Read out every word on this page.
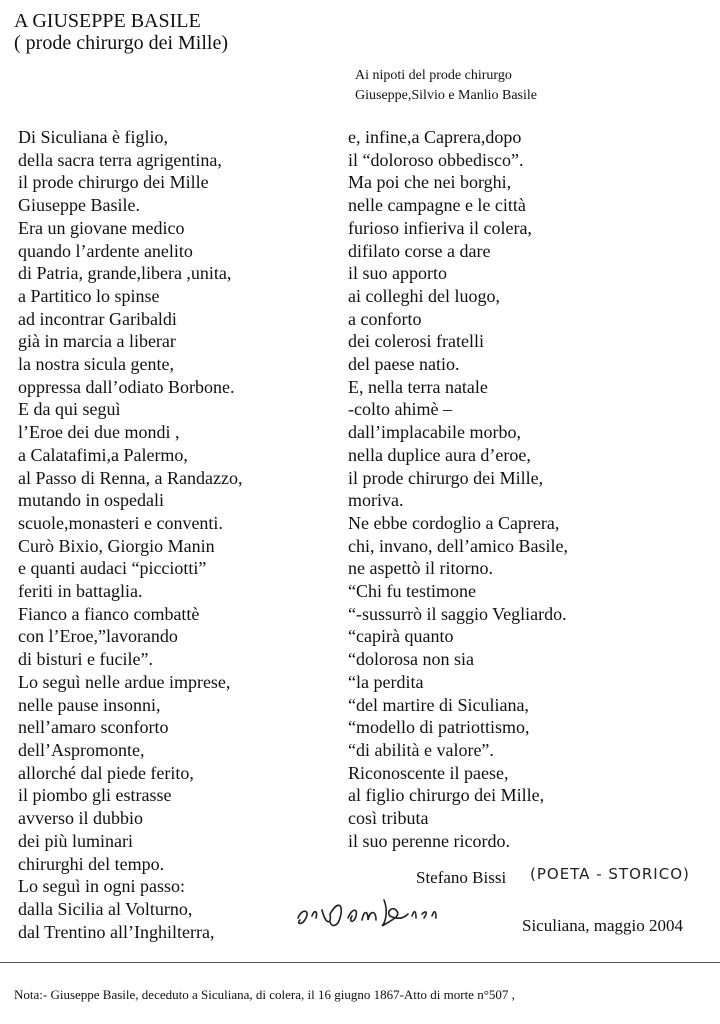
A GIUSEPPE BASILE
( prode chirurgo dei Mille)
Ai nipoti del prode chirurgo
Giuseppe,Silvio e Manlio Basile
Di Siculiana è figlio,
della sacra terra agrigentina,
il prode chirurgo dei Mille
Giuseppe Basile.
Era un giovane medico
quando l’ardente anelito
di Patria, grande,libera ,unita,
a Partitico lo spinse
ad incontrar Garibaldi
già in marcia a liberar
la nostra sicula gente,
oppressa dall’odiato Borbone.
E da qui seguì
l’Eroe dei due mondi ,
a Calatafimi,a Palermo,
al Passo di Renna, a Randazzo,
mutando in ospedali
scuole,monasteri e conventi.
Curò Bixio, Giorgio Manin
e quanti audaci “picciotti”
feriti in battaglia.
Fianco a fianco combattè
con l’Eroe,”lavorando
di bisturi e fucile”.
Lo seguì nelle ardue imprese,
nelle pause insonni,
nell’amaro sconforto
dell’Aspromonte,
allorché dal piede ferito,
il piombo gli estrasse
avverso il dubbio
dei più luminari
chirurghi del tempo.
Lo seguì in ogni passo:
dalla Sicilia al Volturno,
dal Trentino all’Inghilterra,
e, infine,a Caprera,dopo
il “doloroso obbedisco”.
Ma poi che nei borghi,
nelle campagne e le città
furioso infieriva il colera,
difilato corse a dare
il suo apporto
ai colleghi del luogo,
a conforto
dei colerosi fratelli
del paese natio.
E, nella terra natale
-colto ahimè –
dall’implacabile morbo,
nella duplice aura d’eroe,
il prode chirurgo dei Mille,
moriva.
Ne ebbe cordoglio a Caprera,
chi, invano, dell’amico Basile,
ne aspettò il ritorno.
“Chi fu testimone
“-sussurrò il saggio Vegliardo.
“capirà quanto
“dolorosa non sia
“la perdita
“del martire di Siculiana,
“modello di patriottismo,
“di abilità e valore”.
Riconoscente il paese,
al figlio chirurgo dei Mille,
così tributa
il suo perenne ricordo.
Stefano Bissi (POETA - STORICO)
Siculiana, maggio 2004
Nota:- Giuseppe Basile, deceduto a Siculiana, di colera, il 16 giugno 1867-Atto di morte n°507 ,
